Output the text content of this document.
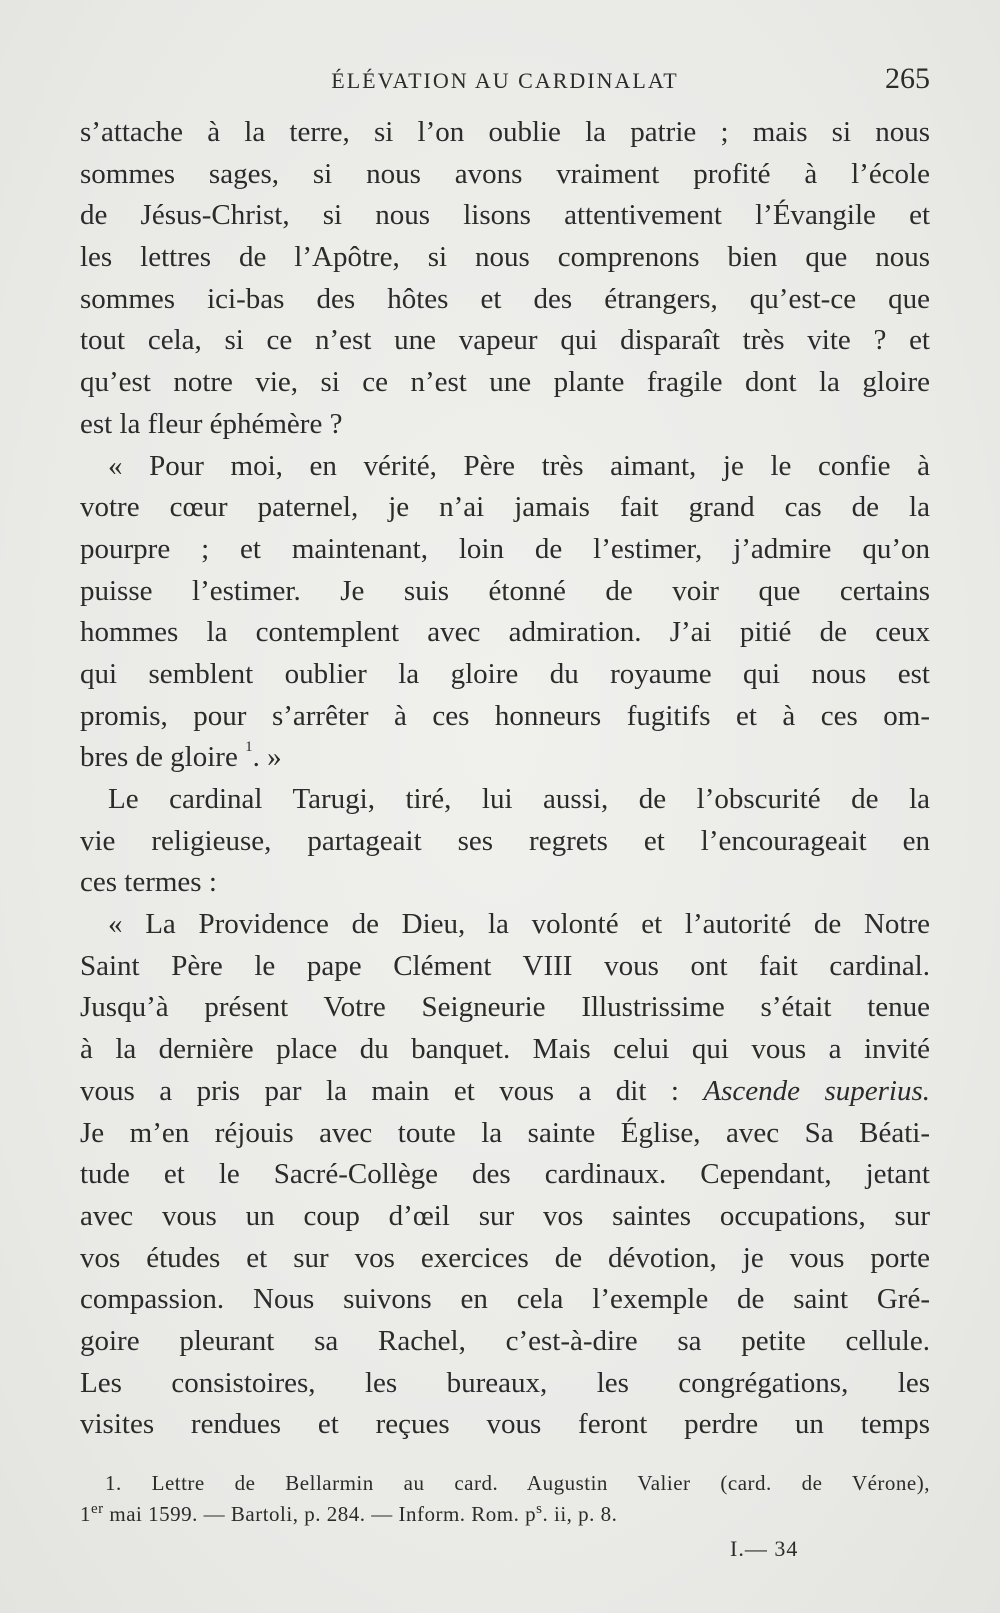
ÉLÉVATION AU CARDINALAT	265
s’attache à la terre, si l’on oublie la patrie ; mais si nous
sommes sages, si nous avons vraiment profité à l’école
de Jésus-Christ, si nous lisons attentivement l’Évangile et
les lettres de l’Apôtre, si nous comprenons bien que nous
sommes ici-bas des hôtes et des étrangers, qu’est-ce que
tout cela, si ce n’est une vapeur qui disparaît très vite ? et
qu’est notre vie, si ce n’est une plante fragile dont la gloire
est la fleur éphémère ?
« Pour moi, en vérité, Père très aimant, je le confie à
votre cœur paternel, je n’ai jamais fait grand cas de la
pourpre ; et maintenant, loin de l’estimer, j’admire qu’on
puisse l’estimer. Je suis étonné de voir que certains
hommes la contemplent avec admiration. J’ai pitié de ceux
qui semblent oublier la gloire du royaume qui nous est
promis, pour s’arrêter à ces honneurs fugitifs et à ces om-
bres de gloire $^1$. »
Le cardinal Tarugi, tiré, lui aussi, de l’obscurité de la
vie religieuse, partageait ses regrets et l’encourageait en
ces termes :
« La Providence de Dieu, la volonté et l’autorité de Notre
Saint Père le pape Clément VIII vous ont fait cardinal.
Jusqu’à présent Votre Seigneurie Illustrissime s’était tenue
à la dernière place du banquet. Mais celui qui vous a invité
vous a pris par la main et vous a dit : Ascende superius.
Je m’en réjouis avec toute la sainte Église, avec Sa Béati-
tude et le Sacré-Collège des cardinaux. Cependant, jetant
avec vous un coup d’œil sur vos saintes occupations, sur
vos études et sur vos exercices de dévotion, je vous porte
compassion. Nous suivons en cela l’exemple de saint Gré-
goire pleurant sa Rachel, c’est-à-dire sa petite cellule.
Les consistoires, les bureaux, les congrégations, les
visites rendues et reçues vous feront perdre un temps
1. Lettre de Bellarmin au card. Augustin Valier (card. de Vérone),
1er mai 1599. — Bartoli, p. 284. — Inform. Rom. $p^s$. ii, p. 8.
I.— 34
